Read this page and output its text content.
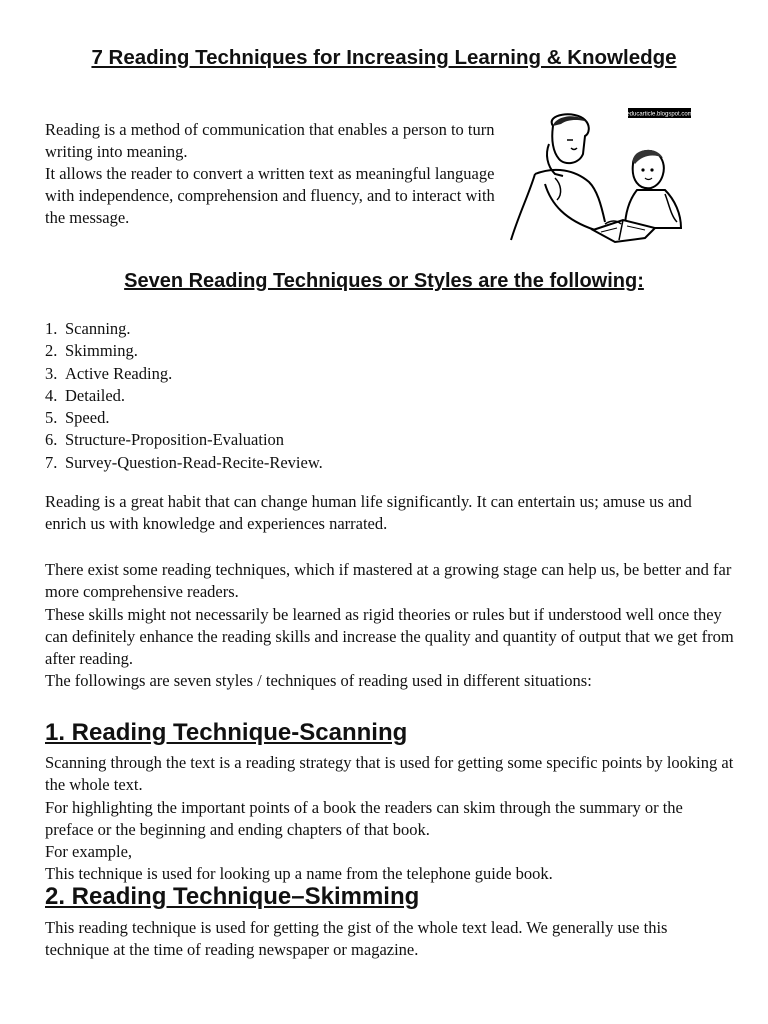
7 Reading Techniques for Increasing Learning & Knowledge

Reading is a method of communication that enables a person to turn writing into meaning.

It allows the reader to convert a written text as meaningful language with independence, comprehension and fluency, and to interact with the message.

educarticle.blogspot.com
Seven Reading Techniques or Styles are the following:
1. Scanning.
2. Skimming.
3. Active Reading.
4. Detailed.
5. Speed.
6. Structure-Proposition-Evaluation
7. Survey-Question-Read-Recite-Review.

Reading is a great habit that can change human life significantly. It can entertain us; amuse us and enrich us with knowledge and experiences narrated.

There exist some reading techniques, which if mastered at a growing stage can help us, be better and far more comprehensive readers.

These skills might not necessarily be learned as rigid theories or rules but if understood well once they can definitely enhance the reading skills and increase the quality and quantity of output that we get from after reading.

The followings are seven styles / techniques of reading used in different situations:

1. Reading Technique-Scanning

Scanning through the text is a reading strategy that is used for getting some specific points by looking at the whole text.

For highlighting the important points of a book the readers can skim through the summary or the preface or the beginning and ending chapters of that book.

For example,

This technique is used for looking up a name from the telephone guide book.

2. Reading Technique–Skimming

This reading technique is used for getting the gist of the whole text lead. We generally use this technique at the time of reading newspaper or magazine.
